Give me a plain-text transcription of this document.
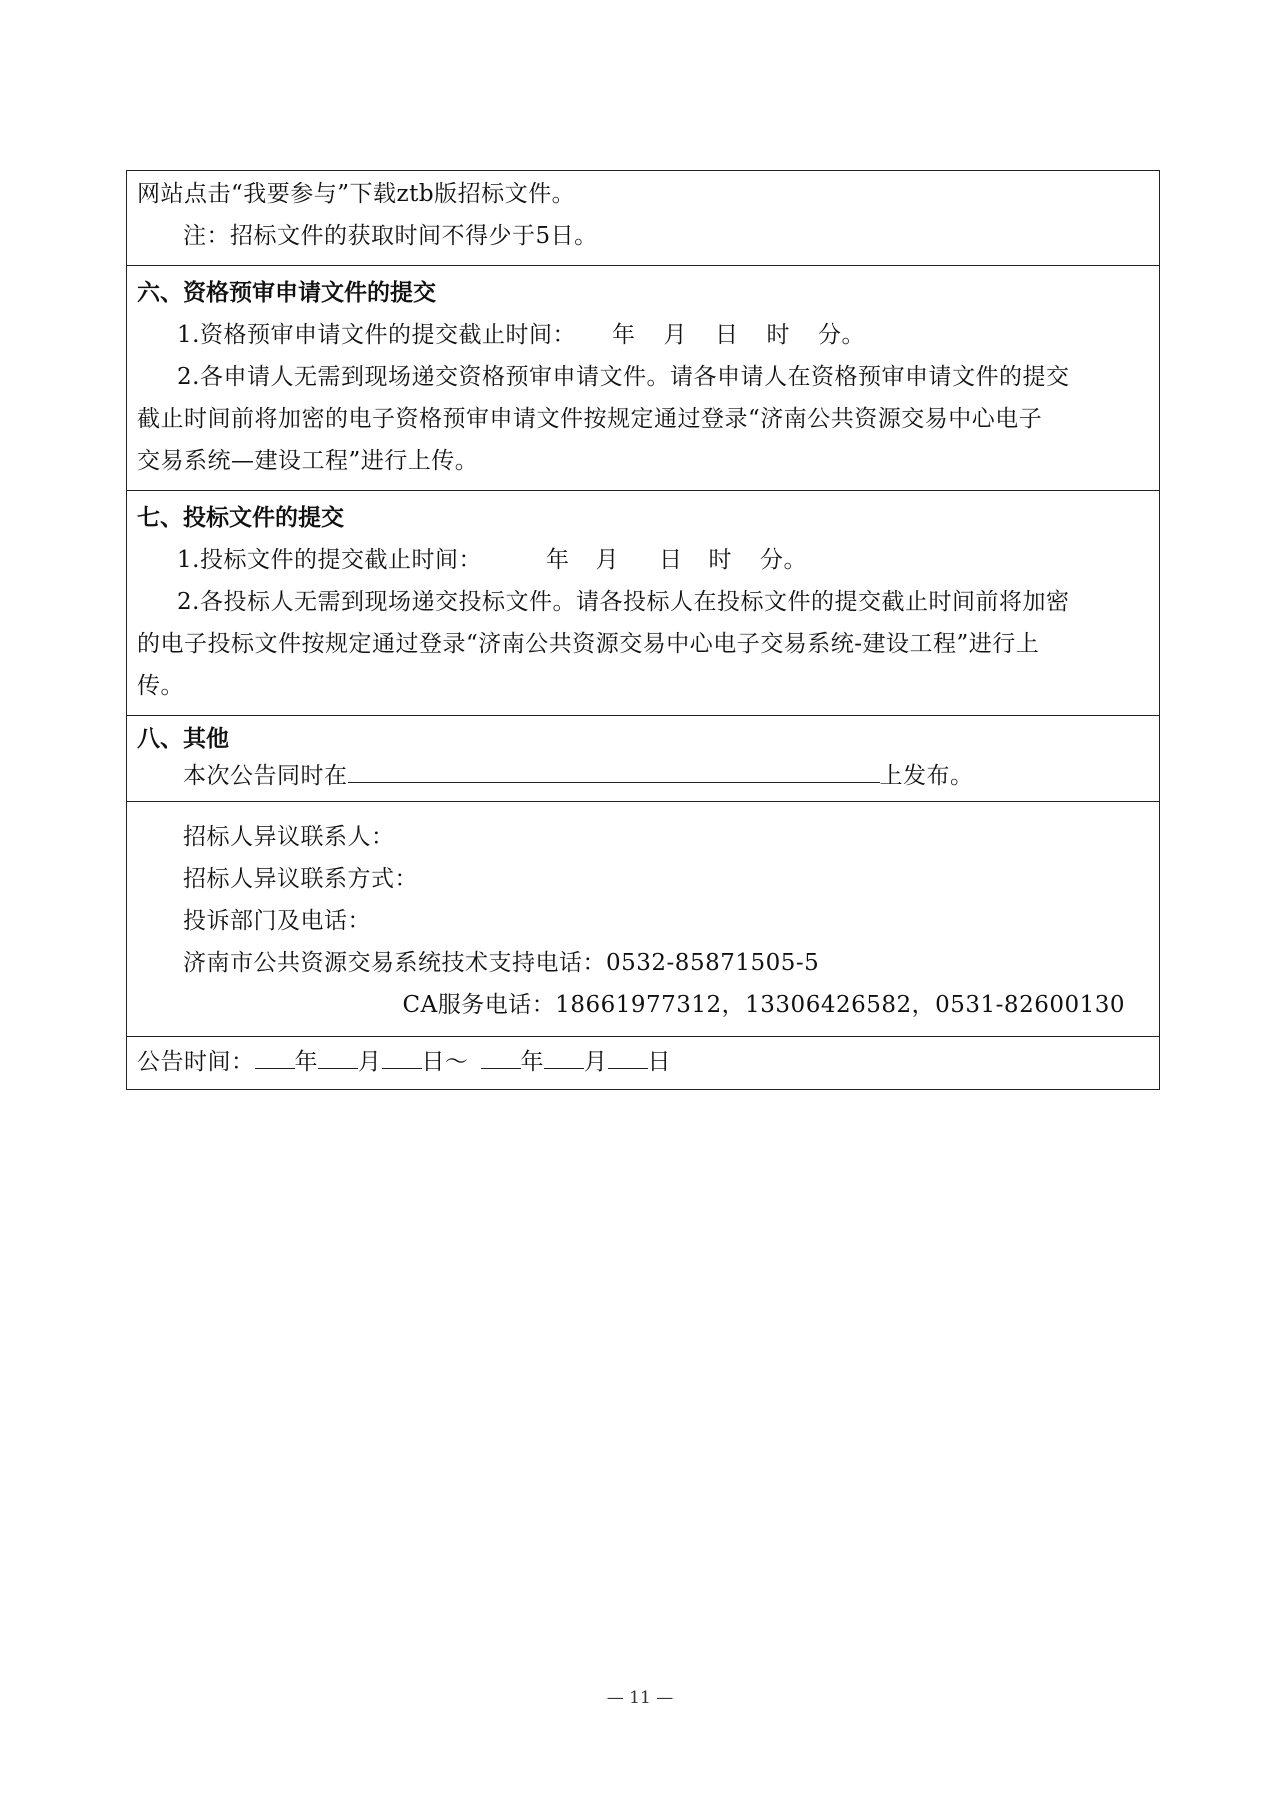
网站点击“我要参与”下载ztb版招标文件。
注：招标文件的获取时间不得少于5日。
六、资格预审申请文件的提交
1.资格预审申请文件的提交截止时间： 年 月 日 时 分。
2.各申请人无需到现场递交资格预审申请文件。请各申请人在资格预审申请文件的提交
截止时间前将加密的电子资格预审申请文件按规定通过登录“济南公共资源交易中心电子
交易系统—建设工程”进行上传。
七、投标文件的提交
1.投标文件的提交截止时间：	年 月 日 时 分。
2.各投标人无需到现场递交投标文件。请各投标人在投标文件的提交截止时间前将加密
的电子投标文件按规定通过登录“济南公共资源交易中心电子交易系统-建设工程”进行上
传。
八、其他
本次公告同时在	上发布。
招标人异议联系人：
招标人异议联系方式：
投诉部门及电话：
济南市公共资源交易系统技术支持电话：0532-85871505-5
CA服务电话：18661977312，13306426582，0531-82600130
公告时间： 年 月 日～ 年 月 日
— 11 —
